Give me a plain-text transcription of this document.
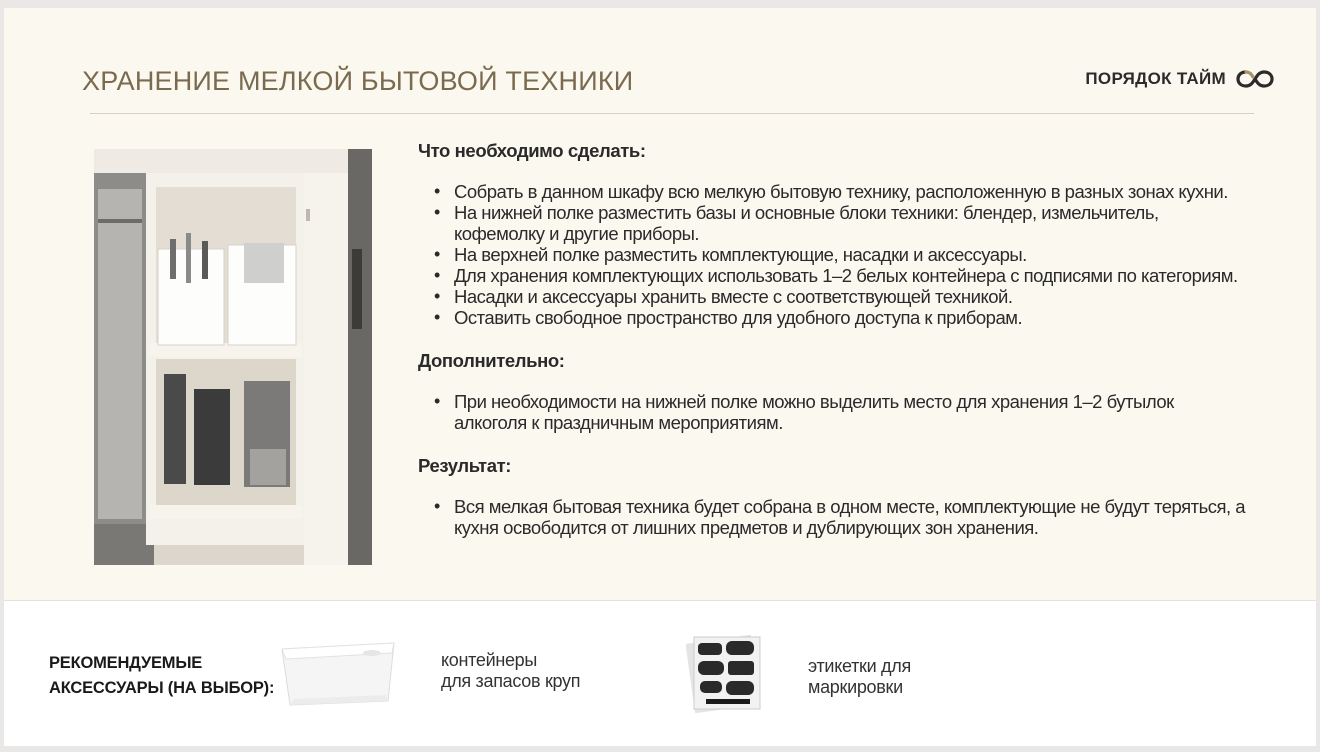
ХРАНЕНИЕ МЕЛКОЙ БЫТОВОЙ ТЕХНИКИ	ПОРЯДОК ТАЙМ
Что необходимо сделать:
• Собрать в данном шкафу всю мелкую бытовую технику, расположенную в разных зонах кухни.
• На нижней полке разместить базы и основные блоки техники: блендер, измельчитель, кофемолку и другие приборы.
• На верхней полке разместить комплектующие, насадки и аксессуары.
• Для хранения комплектующих использовать 1–2 белых контейнера с подписями по категориям.
• Насадки и аксессуары хранить вместе с соответствующей техникой.
• Оставить свободное пространство для удобного доступа к приборам.
Дополнительно:
• При необходимости на нижней полке можно выделить место для хранения 1–2 бутылок алкоголя к праздничным мероприятиям.
Результат:
• Вся мелкая бытовая техника будет собрана в одном месте, комплектующие не будут теряться, а кухня освободится от лишних предметов и дублирующих зон хранения.
РЕКОМЕНДУЕМЫЕ
АКСЕССУАРЫ (НА ВЫБОР):
контейнеры
для запасов круп
этикетки для
маркировки
